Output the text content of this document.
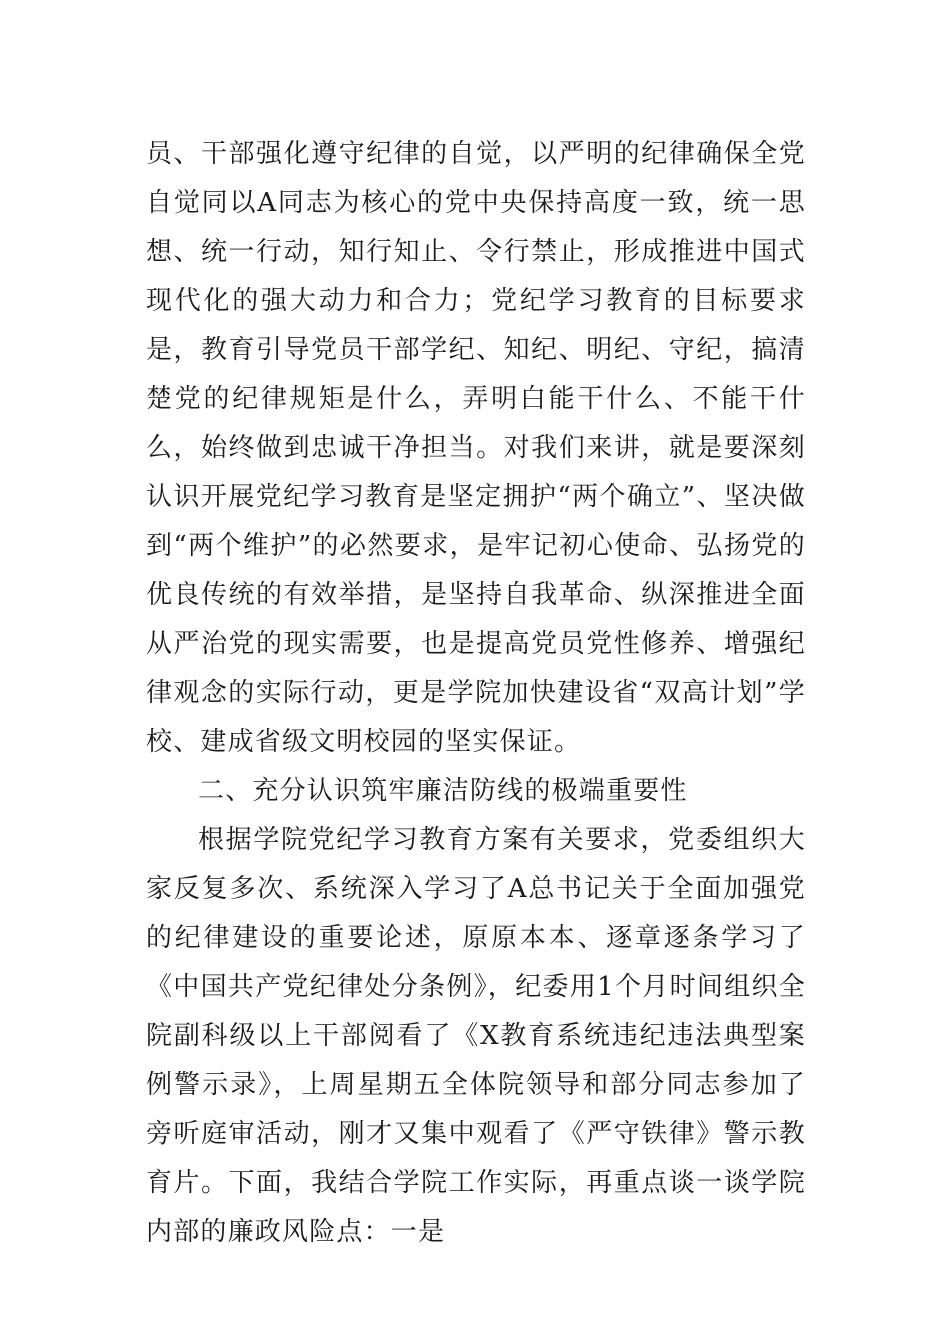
员、干部强化遵守纪律的自觉，以严明的纪律确保全党自觉同以A同志为核心的党中央保持高度一致，统一思想、统一行动，知行知止、令行禁止，形成推进中国式现代化的强大动力和合力；党纪学习教育的目标要求是，教育引导党员干部学纪、知纪、明纪、守纪，搞清楚党的纪律规矩是什么，弄明白能干什么、不能干什么，始终做到忠诚干净担当。对我们来讲，就是要深刻认识开展党纪学习教育是坚定拥护“两个确立”、坚决做到“两个维护”的必然要求，是牢记初心使命、弘扬党的优良传统的有效举措，是坚持自我革命、纵深推进全面从严治党的现实需要，也是提高党员党性修养、增强纪律观念的实际行动，更是学院加快建设省“双高计划”学校、建成省级文明校园的坚实保证。

二、充分认识筑牢廉洁防线的极端重要性

根据学院党纪学习教育方案有关要求，党委组织大家反复多次、系统深入学习了A总书记关于全面加强党的纪律建设的重要论述，原原本本、逐章逐条学习了《中国共产党纪律处分条例》，纪委用1个月时间组织全院副科级以上干部阅看了《X教育系统违纪违法典型案例警示录》，上周星期五全体院领导和部分同志参加了旁听庭审活动，刚才又集中观看了《严守铁律》警示教育片。下面，我结合学院工作实际，再重点谈一谈学院内部的廉政风险点：一是
